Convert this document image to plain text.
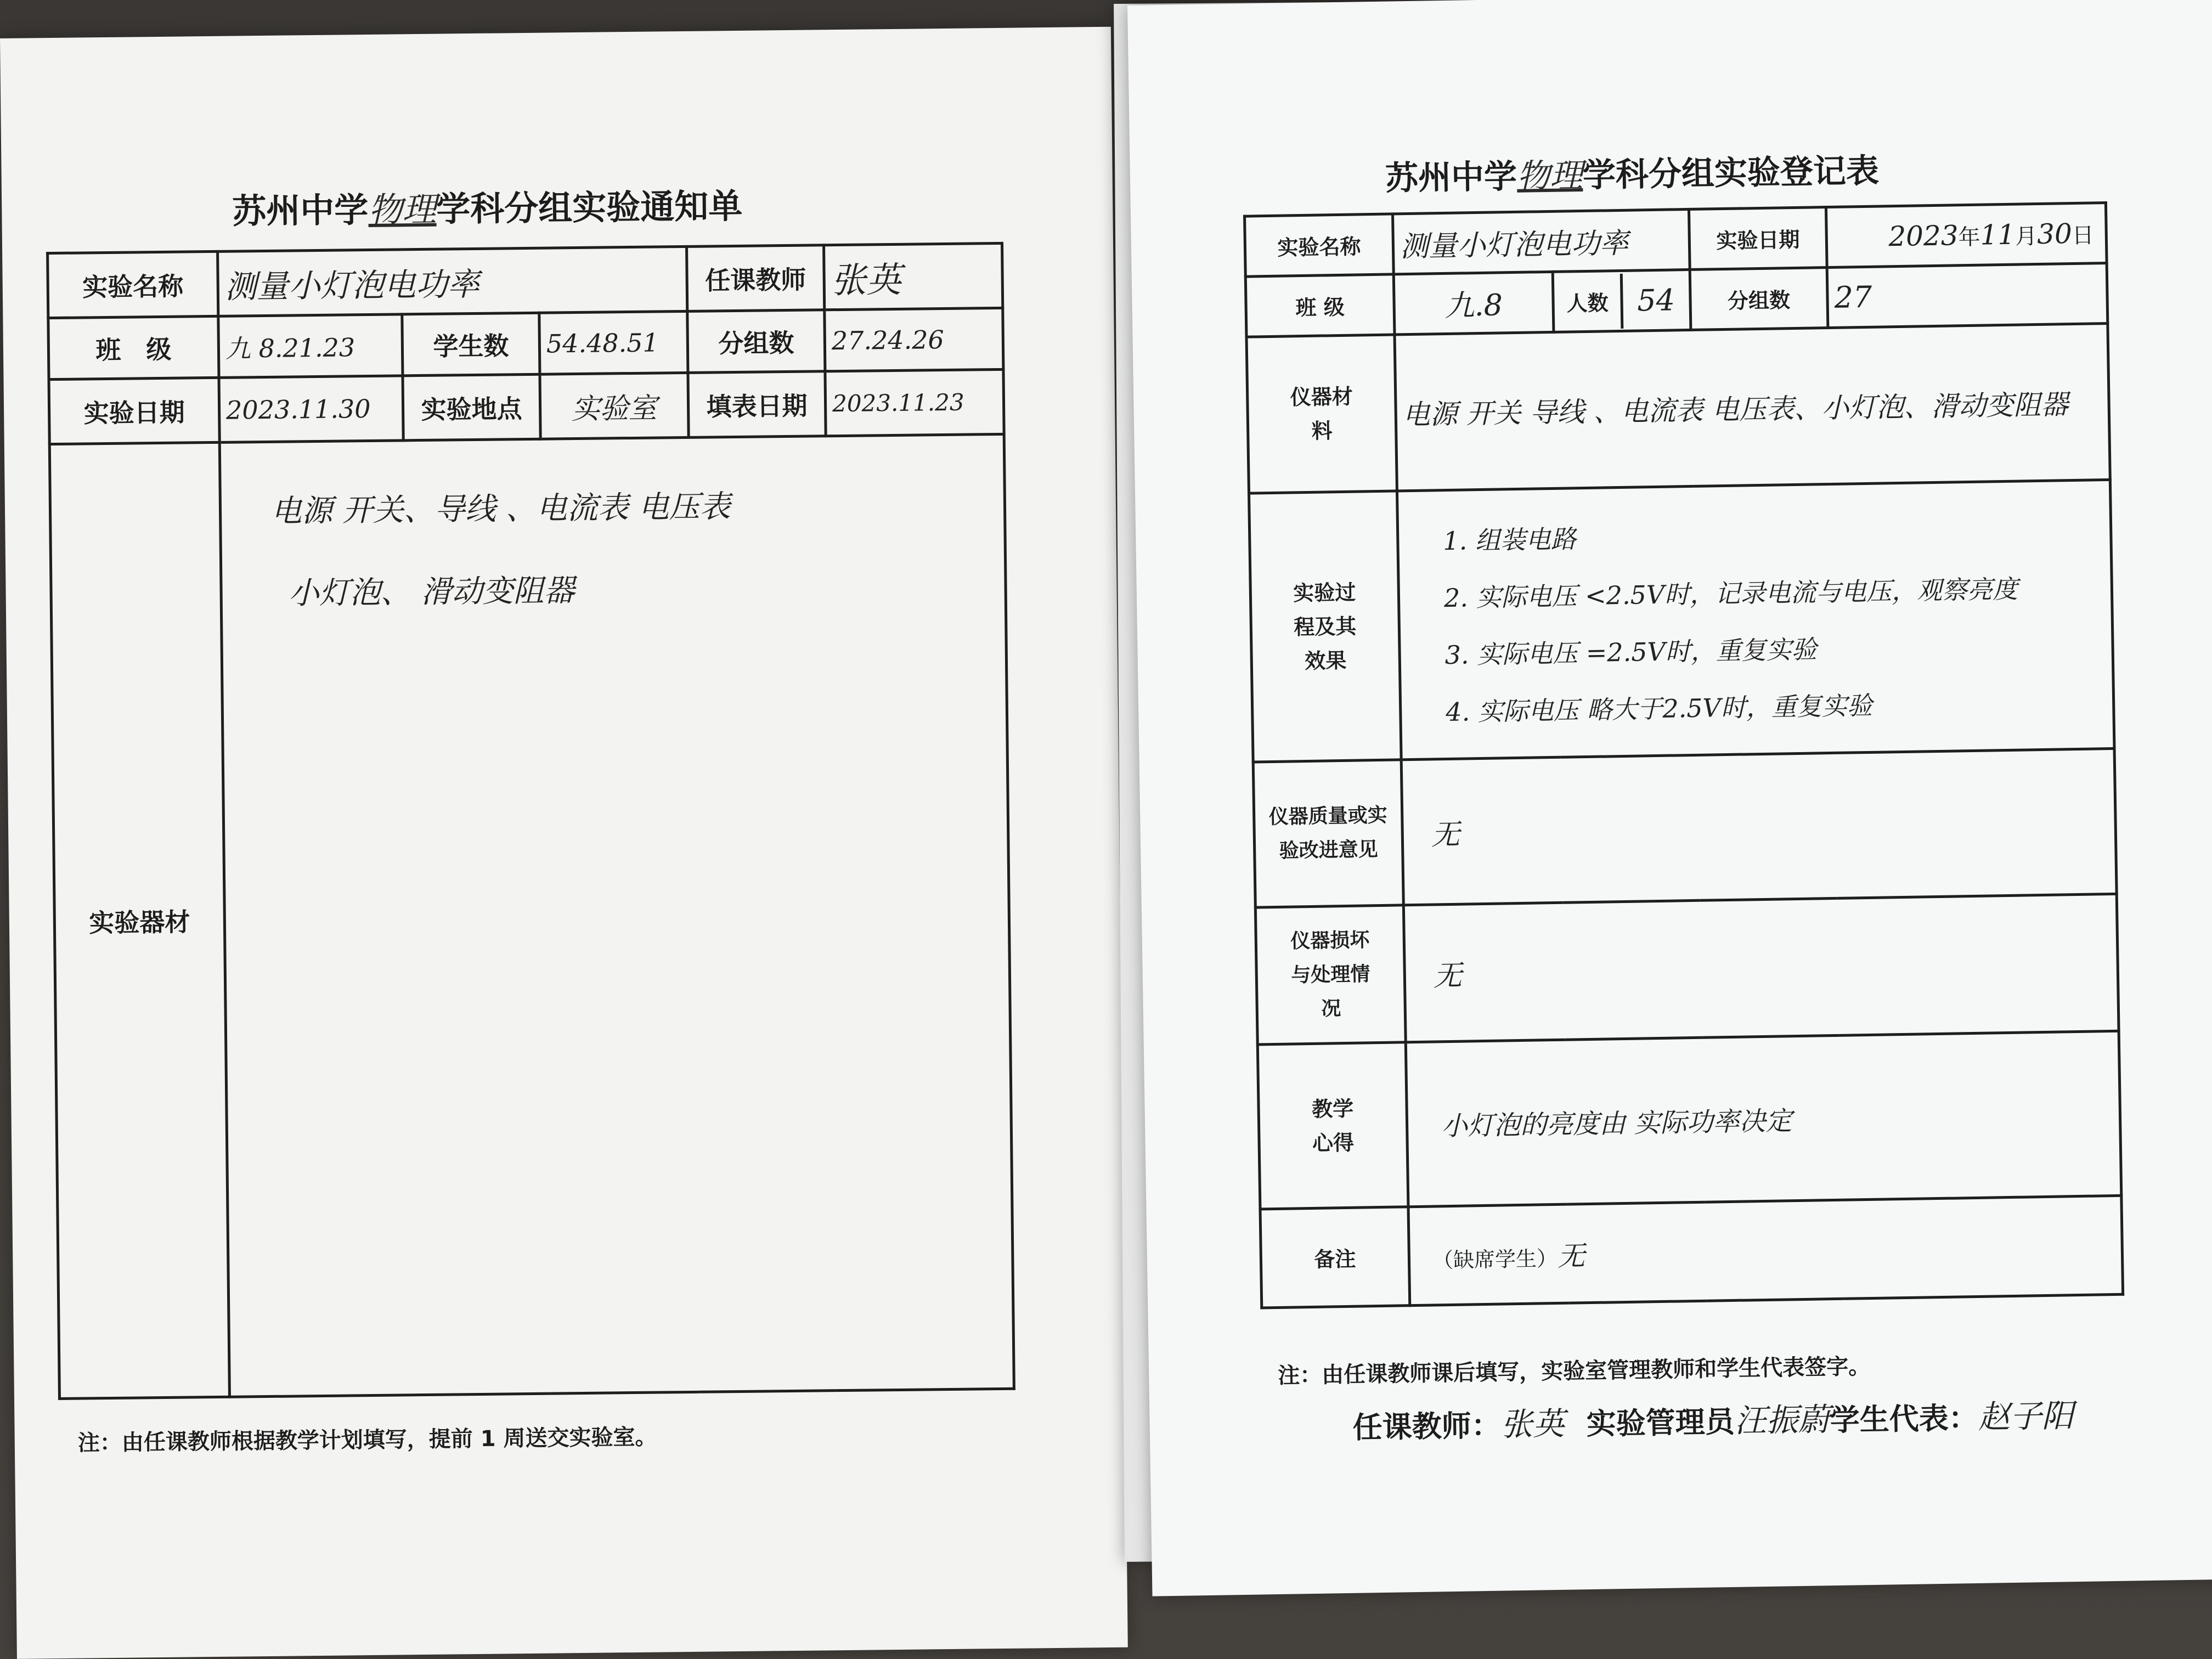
苏州中学物理学科分组实验通知单
实验名称	测量小灯泡电功率			任课教师	张英
班　级	九 8.21.23	学生数	54.48.51	分组数	27.24.26
实验日期	2023.11.30	实验地点	实验室	填表日期	2023.11.23
实验器材	电源 开关、导线 、电流表 电压表
小灯泡、 滑动变阻器				
注：由任课教师根据教学计划填写，提前 1 周送交实验室。
苏州中学物理学科分组实验登记表
实验名称	测量小灯泡电功率		实验日期	2023年11月30日
班 级	九.8	人数 54	分组数	27
仪器材料	电源 开关 导线 、电流表 电压表、小灯泡、滑动变阻器			
实验过程及其效果	1. 组装电路
2. 实际电压 <2.5V时，记录电流与电压，观察亮度
3. 实际电压 =2.5V时，重复实验
4. 实际电压 略大于2.5V时，重复实验			

仪器质量或实验改进意见	无			
仪器损坏与处理情况	无			
教学心得	小灯泡的亮度由 实际功率决定			
备注	（缺席学生）无			
注：由任课教师课后填写，实验室管理教师和学生代表签字。
任课教师：张英 实验管理员汪振蔚学生代表：赵子阳
